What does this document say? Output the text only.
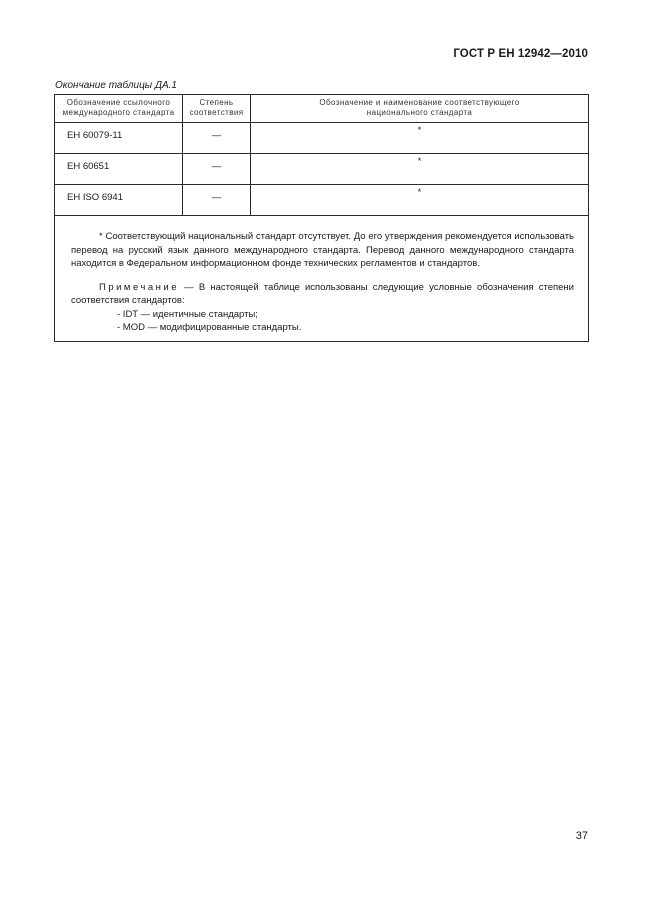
ГОСТ Р ЕН 12942—2010
Окончание таблицы ДА.1
Обозначение ссылочного международного стандарта	Степень соответствия	Обозначение и наименование соответствующего национального стандарта
ЕН 60079-11	—	*
ЕН 60651	—	*
ЕН ISO 6941	—	*

* Соответствующий национальный стандарт отсутствует. До его утверждения рекомендуется использовать перевод на русский язык данного международного стандарта. Перевод данного международного стандарта находится в Федеральном информационном фонде технических регламентов и стандартов.

Примечание — В настоящей таблице использованы следующие условные обозначения степени соответствия стандартов:

- IDT — идентичные стандарты;

- MOD — модифицированные стандарты.		

37
